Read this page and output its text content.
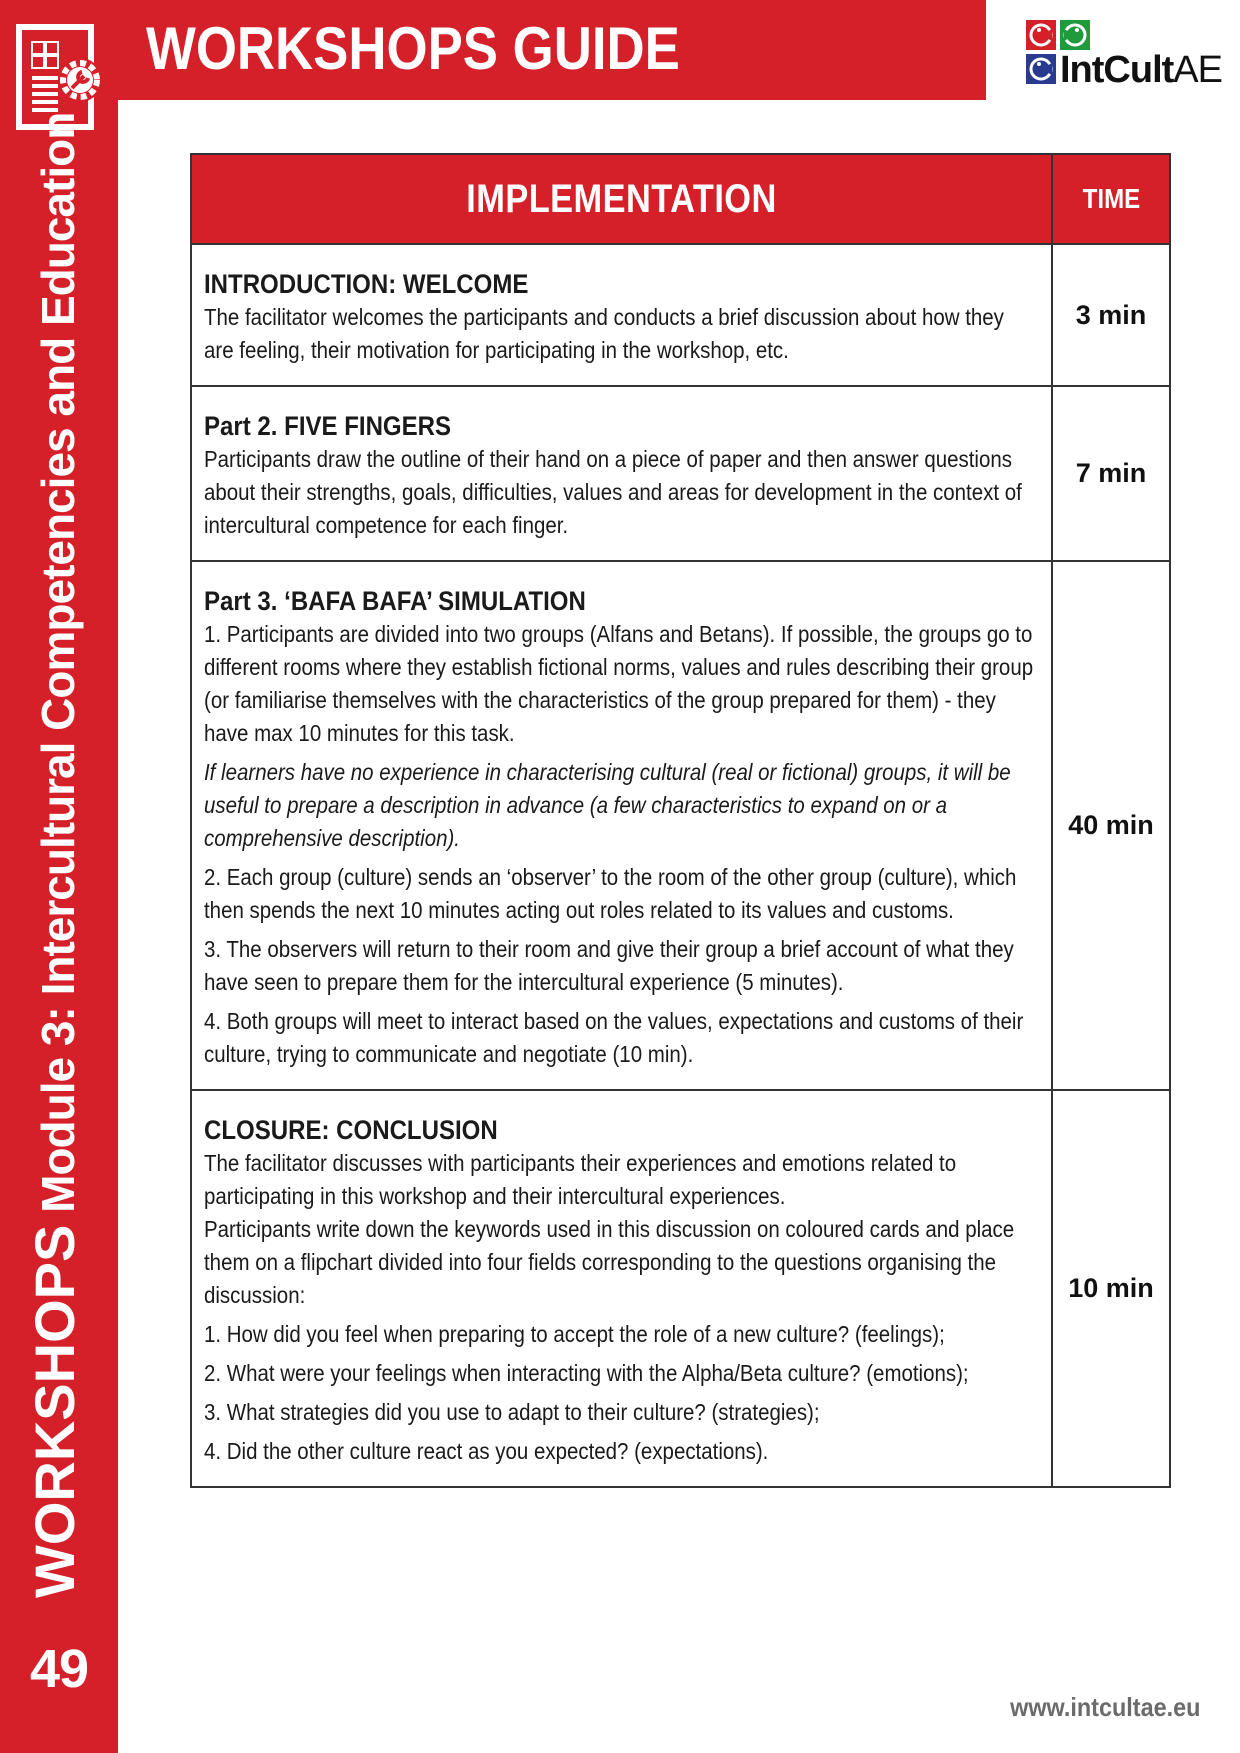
WORKSHOPS Module 3: Intercultural Competencies and Education
49
WORKSHOPS GUIDE	IntCultAE
IMPLEMENTATION	TIME

INTRODUCTION: WELCOME
The facilitator welcomes the participants and conducts a brief discussion about how they are feeling, their motivation for participating in the workshop, etc.	3 min

Part 2. FIVE FINGERS
Participants draw the outline of their hand on a piece of paper and then answer questions about their strengths, goals, difficulties, values and areas for development in the context of intercultural competence for each finger.	7 min

Part 3. ‘BAFA BAFA’ SIMULATION
1. Participants are divided into two groups (Alfans and Betans). If possible, the groups go to different rooms where they establish fictional norms, values and rules describing their group (or familiarise themselves with the characteristics of the group prepared for them) - they have max 10 minutes for this task.
If learners have no experience in characterising cultural (real or fictional) groups, it will be useful to prepare a description in advance (a few characteristics to expand on or a comprehensive description).
2. Each group (culture) sends an ‘observer’ to the room of the other group (culture), which then spends the next 10 minutes acting out roles related to its values and customs.
3. The observers will return to their room and give their group a brief account of what they have seen to prepare them for the intercultural experience (5 minutes).
4. Both groups will meet to interact based on the values, expectations and customs of their culture, trying to communicate and negotiate (10 min).
	40 min

CLOSURE: CONCLUSION
The facilitator discusses with participants their experiences and emotions related to participating in this workshop and their intercultural experiences.
Participants write down the keywords used in this discussion on coloured cards and place them on a flipchart divided into four fields corresponding to the questions organising the discussion:
1. How did you feel when preparing to accept the role of a new culture? (feelings);
2. What were your feelings when interacting with the Alpha/Beta culture? (emotions);
3. What strategies did you use to adapt to their culture? (strategies);
4. Did the other culture react as you expected? (expectations).
	10 min
www.intcultae.eu
